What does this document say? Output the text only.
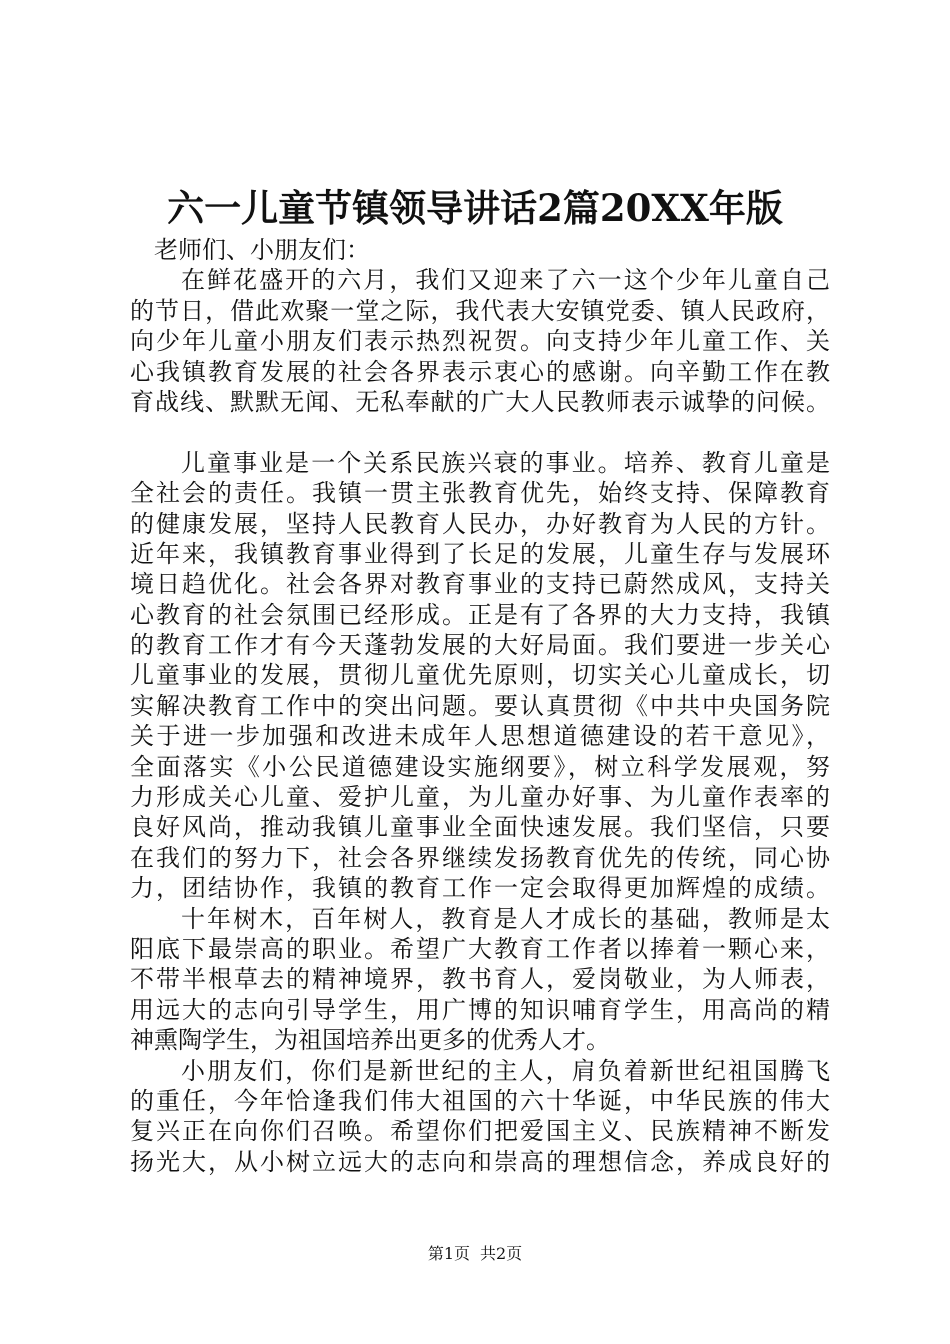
六一儿童节镇领导讲话2篇20XX年版
老师们、小朋友们：
在鲜花盛开的六月，我们又迎来了六一这个少年儿童自己
的节日，借此欢聚一堂之际，我代表大安镇党委、镇人民政府，
向少年儿童小朋友们表示热烈祝贺。向支持少年儿童工作、关
心我镇教育发展的社会各界表示衷心的感谢。向辛勤工作在教
育战线、默默无闻、无私奉献的广大人民教师表示诚挚的问候。
儿童事业是一个关系民族兴衰的事业。培养、教育儿童是
全社会的责任。我镇一贯主张教育优先，始终支持、保障教育
的健康发展，坚持人民教育人民办，办好教育为人民的方针。
近年来，我镇教育事业得到了长足的发展，儿童生存与发展环
境日趋优化。社会各界对教育事业的支持已蔚然成风，支持关
心教育的社会氛围已经形成。正是有了各界的大力支持，我镇
的教育工作才有今天蓬勃发展的大好局面。我们要进一步关心
儿童事业的发展，贯彻儿童优先原则，切实关心儿童成长，切
实解决教育工作中的突出问题。要认真贯彻《中共中央国务院
关于进一步加强和改进未成年人思想道德建设的若干意见》，
全面落实《小公民道德建设实施纲要》，树立科学发展观，努
力形成关心儿童、爱护儿童，为儿童办好事、为儿童作表率的
良好风尚，推动我镇儿童事业全面快速发展。我们坚信，只要
在我们的努力下，社会各界继续发扬教育优先的传统，同心协
力，团结协作，我镇的教育工作一定会取得更加辉煌的成绩。
十年树木，百年树人，教育是人才成长的基础，教师是太
阳底下最崇高的职业。希望广大教育工作者以捧着一颗心来，
不带半根草去的精神境界，教书育人，爱岗敬业，为人师表，
用远大的志向引导学生，用广博的知识哺育学生，用高尚的精
神熏陶学生，为祖国培养出更多的优秀人才。
小朋友们，你们是新世纪的主人，肩负着新世纪祖国腾飞
的重任，今年恰逢我们伟大祖国的六十华诞，中华民族的伟大
复兴正在向你们召唤。希望你们把爱国主义、民族精神不断发
扬光大，从小树立远大的志向和崇高的理想信念，养成良好的
第1页 共2页
